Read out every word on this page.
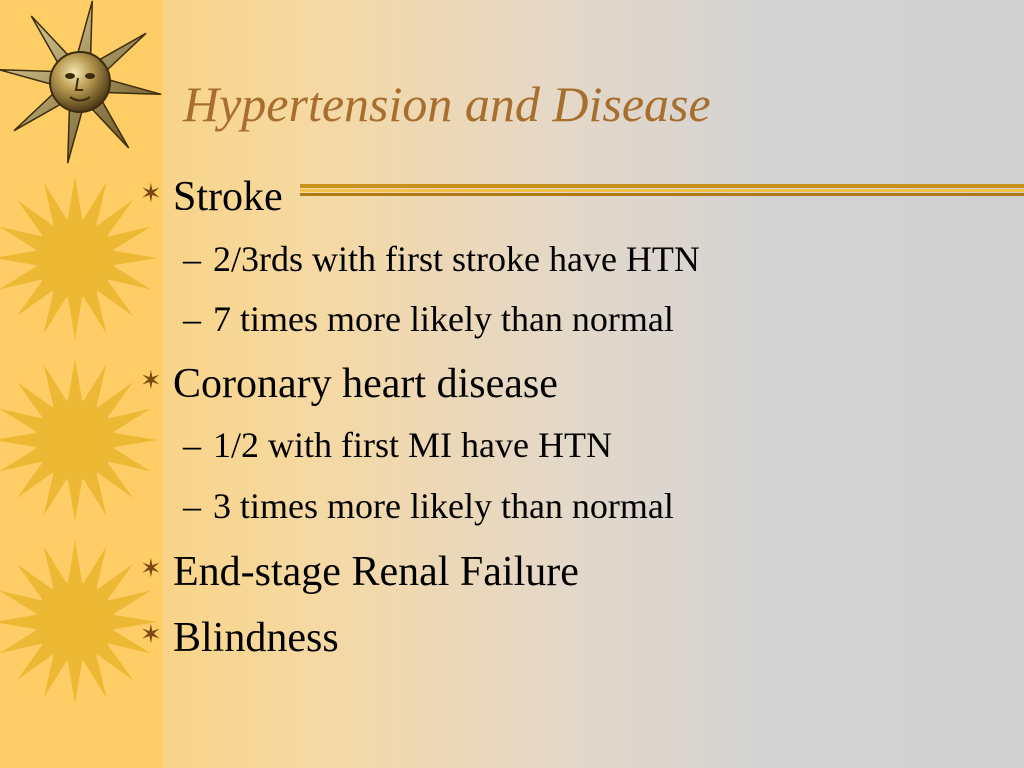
Hypertension and Disease
✶ Stroke
– 2/3rds with first stroke have HTN
– 7 times more likely than normal
✶ Coronary heart disease
– 1/2 with first MI have HTN
– 3 times more likely than normal
✶ End-stage Renal Failure
✶ Blindness
